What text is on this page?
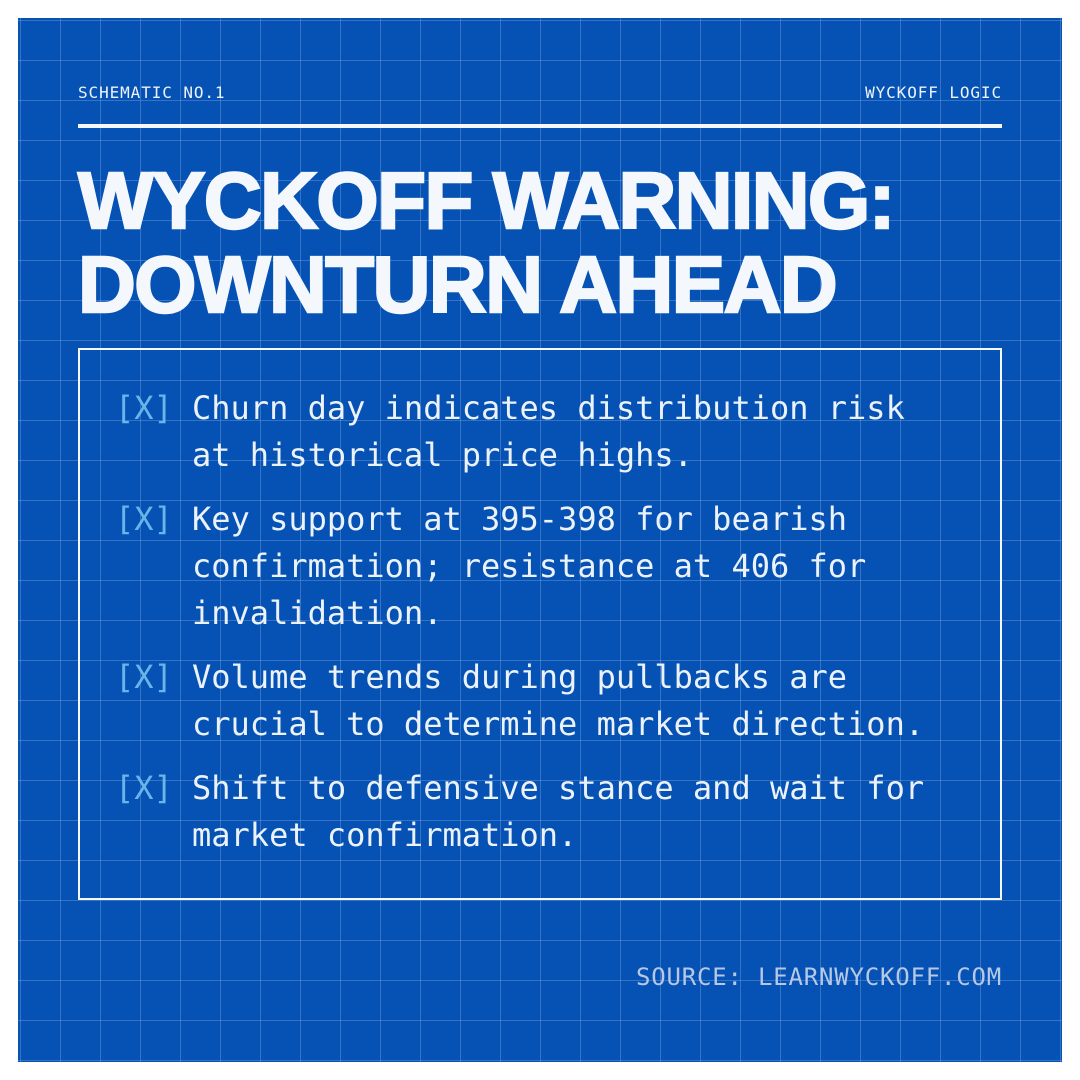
SCHEMATIC NO.1	WYCKOFF LOGIC
WYCKOFF WARNING:
DOWNTURN AHEAD
[X] Churn day indicates distribution risk at historical price highs.
[X] Key support at 395-398 for bearish confirmation; resistance at 406 for invalidation.
[X] Volume trends during pullbacks are crucial to determine market direction.
[X] Shift to defensive stance and wait for market confirmation.
SOURCE: LEARNWYCKOFF.COM
